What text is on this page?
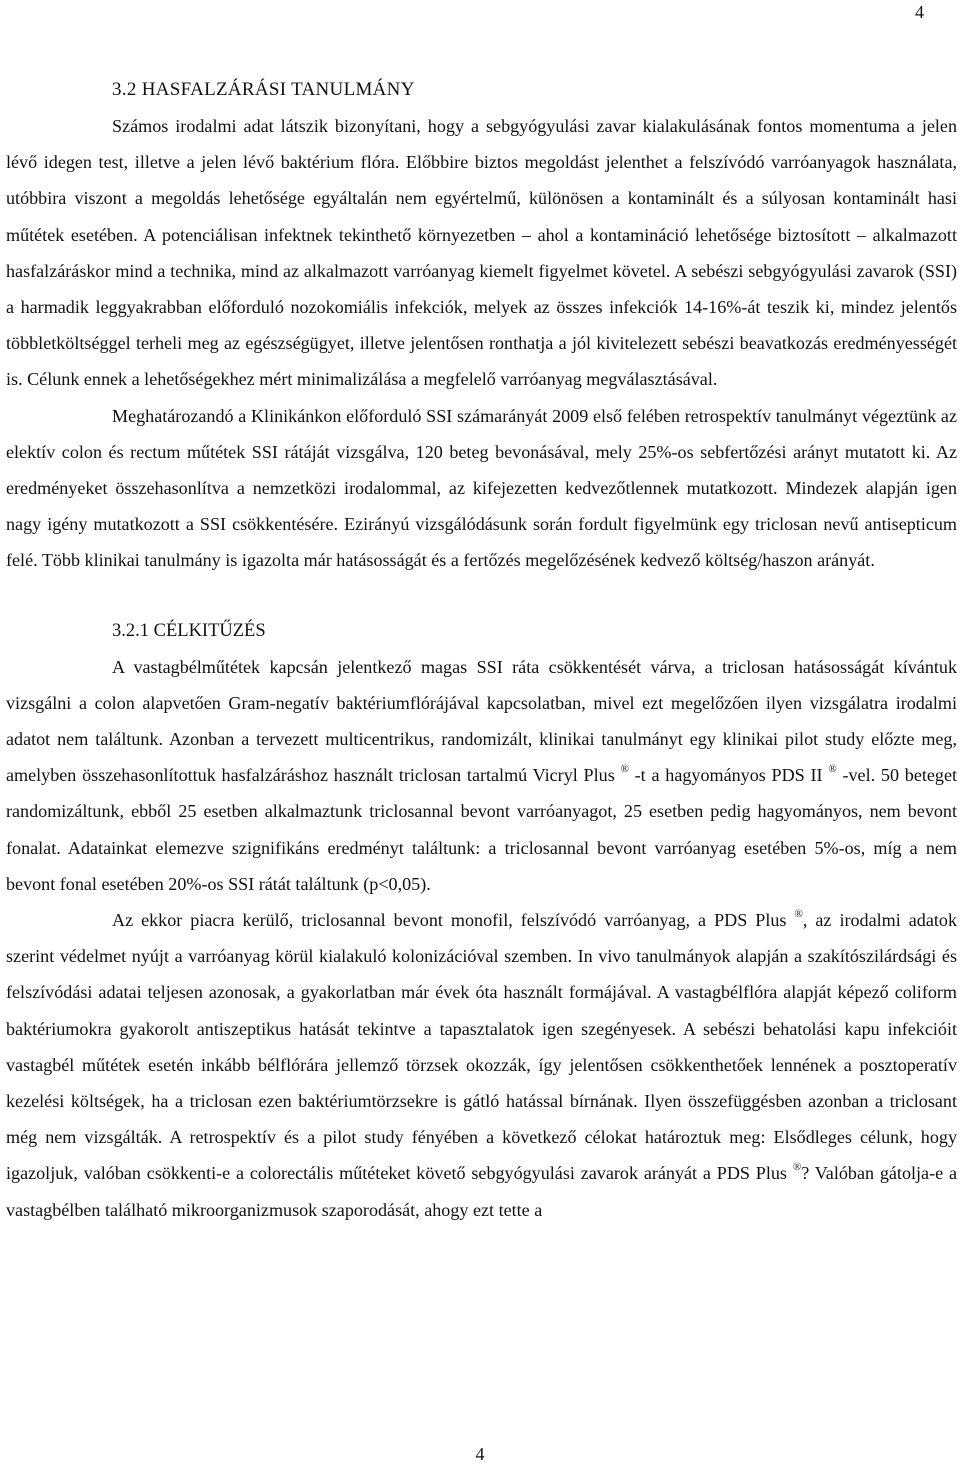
4
3.2 HASFALZÁRÁSI TANULMÁNY

Számos irodalmi adat látszik bizonyítani, hogy a sebgyógyulási zavar kialakulásának fontos momentuma a jelen lévő idegen test, illetve a jelen lévő baktérium flóra. Előbbire biztos megoldást jelenthet a felszívódó varróanyagok használata, utóbbira viszont a megoldás lehetősége egyáltalán nem egyértelmű, különösen a kontaminált és a súlyosan kontaminált hasi műtétek esetében. A potenciálisan infektnek tekinthető környezetben – ahol a kontamináció lehetősége biztosított – alkalmazott hasfalzáráskor mind a technika, mind az alkalmazott varróanyag kiemelt figyelmet követel. A sebészi sebgyógyulási zavarok (SSI) a harmadik leggyakrabban előforduló nozokomiális infekciók, melyek az összes infekciók 14-16%-át teszik ki, mindez jelentős többletköltséggel terheli meg az egészségügyet, illetve jelentősen ronthatja a jól kivitelezett sebészi beavatkozás eredményességét is. Célunk ennek a lehetőségekhez mért minimalizálása a megfelelő varróanyag megválasztásával.

Meghatározandó a Klinikánkon előforduló SSI számarányát 2009 első felében retrospektív tanulmányt végeztünk az elektív colon és rectum műtétek SSI rátáját vizsgálva, 120 beteg bevonásával, mely 25%-os sebfertőzési arányt mutatott ki. Az eredményeket összehasonlítva a nemzetközi irodalommal, az kifejezetten kedvezőtlennek mutatkozott. Mindezek alapján igen nagy igény mutatkozott a SSI csökkentésére. Ezirányú vizsgálódásunk során fordult figyelmünk egy triclosan nevű antisepticum felé. Több klinikai tanulmány is igazolta már hatásosságát és a fertőzés megelőzésének kedvező költség/haszon arányát.

3.2.1 CÉLKITŰZÉS

A vastagbélműtétek kapcsán jelentkező magas SSI ráta csökkentését várva, a triclosan hatásosságát kívántuk vizsgálni a colon alapvetően Gram-negatív baktériumflórájával kapcsolatban, mivel ezt megelőzően ilyen vizsgálatra irodalmi adatot nem találtunk. Azonban a tervezett multicentrikus, randomizált, klinikai tanulmányt egy klinikai pilot study előzte meg, amelyben összehasonlítottuk hasfalzáráshoz használt triclosan tartalmú Vicryl Plus ® -t a hagyományos PDS II ® -vel. 50 beteget randomizáltunk, ebből 25 esetben alkalmaztunk triclosannal bevont varróanyagot, 25 esetben pedig hagyományos, nem bevont fonalat. Adatainkat elemezve szignifikáns eredményt találtunk: a triclosannal bevont varróanyag esetében 5%-os, míg a nem bevont fonal esetében 20%-os SSI rátát találtunk (p<0,05).

Az ekkor piacra kerülő, triclosannal bevont monofil, felszívódó varróanyag, a PDS Plus ®, az irodalmi adatok szerint védelmet nyújt a varróanyag körül kialakuló kolonizációval szemben. In vivo tanulmányok alapján a szakítószilárdsági és felszívódási adatai teljesen azonosak, a gyakorlatban már évek óta használt formájával. A vastagbélflóra alapját képező coliform baktériumokra gyakorolt antiszeptikus hatását tekintve a tapasztalatok igen szegényesek. A sebészi behatolási kapu infekcióit vastagbél műtétek esetén inkább bélflórára jellemző törzsek okozzák, így jelentősen csökkenthetőek lennének a posztoperatív kezelési költségek, ha a triclosan ezen baktériumtörzsekre is gátló hatással bírnának. Ilyen összefüggésben azonban a triclosant még nem vizsgálták. A retrospektív és a pilot study fényében a következő célokat határoztuk meg: Elsődleges célunk, hogy igazoljuk, valóban csökkenti-e a colorectális műtéteket követő sebgyógyulási zavarok arányát a PDS Plus ®? Valóban gátolja-e a vastagbélben található mikroorganizmusok szaporodását, ahogy ezt tette a

4
